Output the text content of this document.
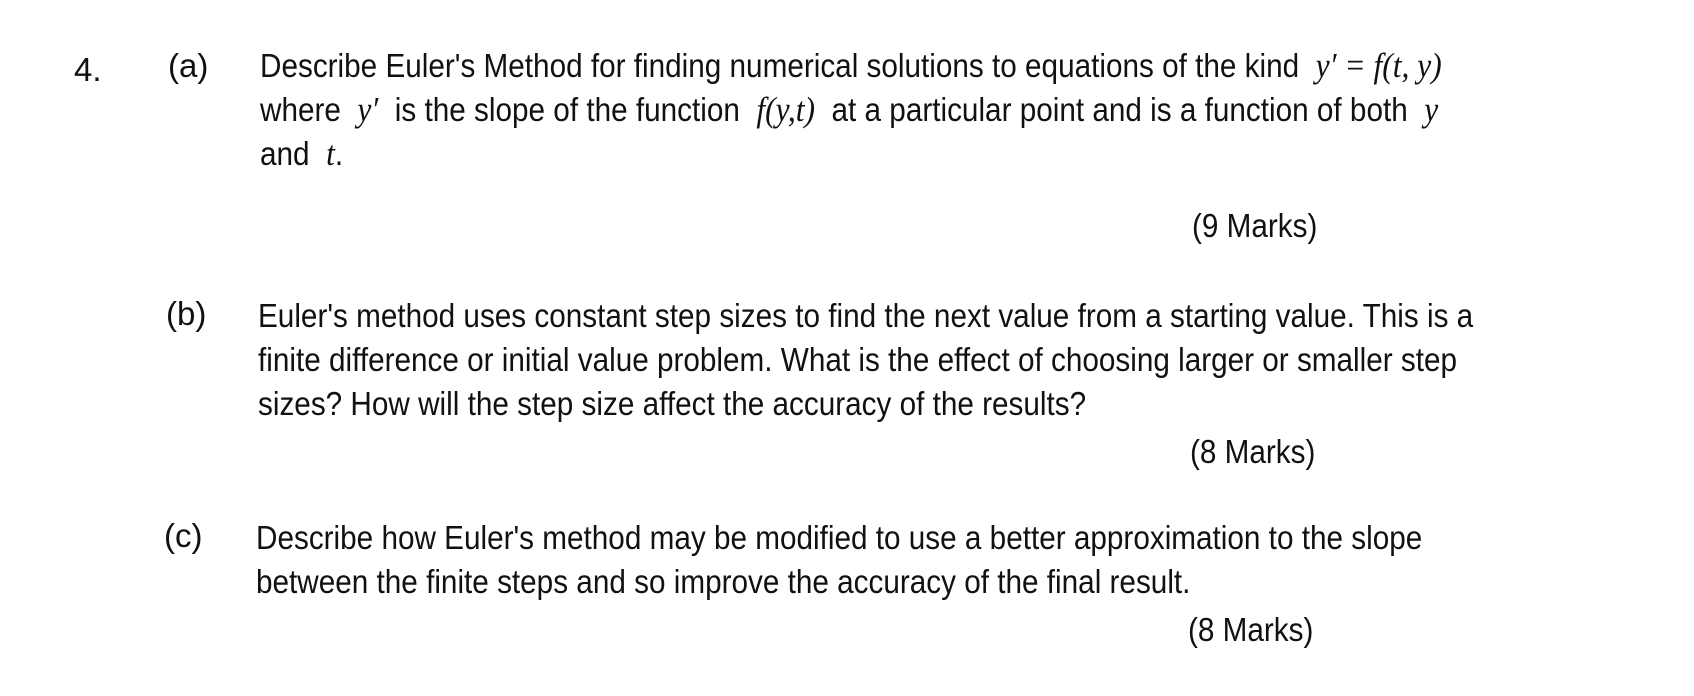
4. (a) Describe Euler's Method for finding numerical solutions to equations of the kind y′ = f(t, y)
where y′ is the slope of the function f(y,t) at a particular point and is a function of both y
and t.
(9 Marks)
(b) Euler's method uses constant step sizes to find the next value from a starting value. This is a
finite difference or initial value problem. What is the effect of choosing larger or smaller step
sizes? How will the step size affect the accuracy of the results?
(8 Marks)
(c) Describe how Euler's method may be modified to use a better approximation to the slope
between the finite steps and so improve the accuracy of the final result.
(8 Marks)
